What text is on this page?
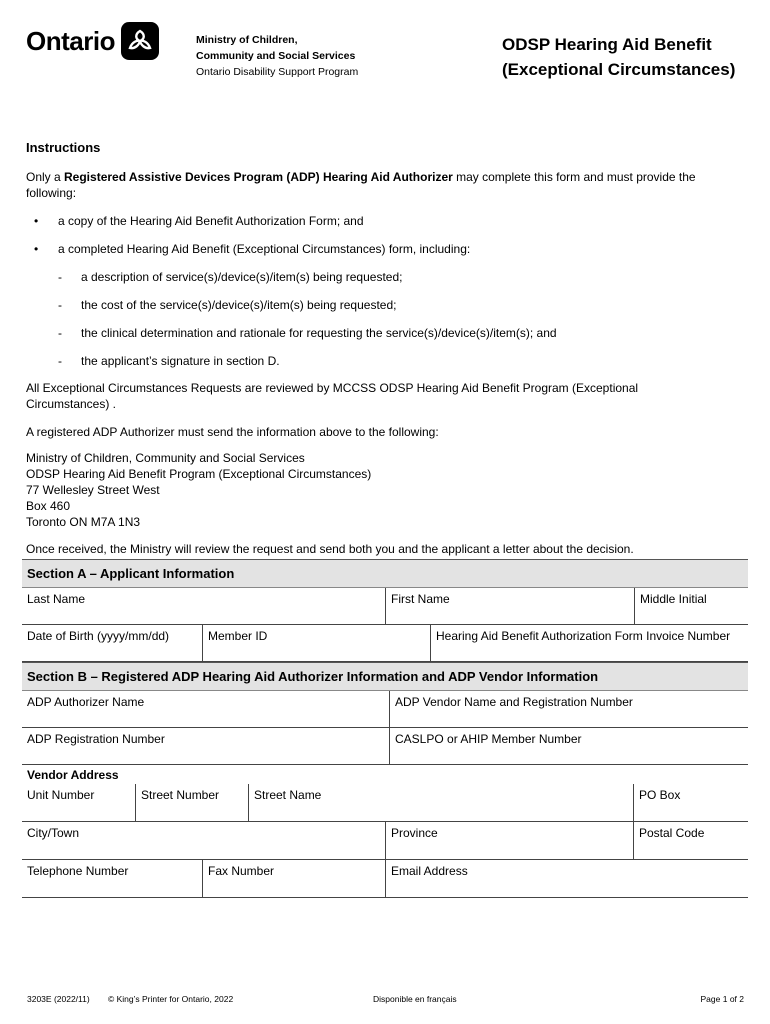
Ontario	Ministry of Children,
Community and Social Services
Ontario Disability Support Program
ODSP Hearing Aid Benefit
(Exceptional Circumstances)
Instructions
Only a Registered Assistive Devices Program (ADP) Hearing Aid Authorizer may complete this form and must provide the following:
• a copy of the Hearing Aid Benefit Authorization Form; and
• a completed Hearing Aid Benefit (Exceptional Circumstances) form, including:
- a description of service(s)/device(s)/item(s) being requested;
- the cost of the service(s)/device(s)/item(s) being requested;
- the clinical determination and rationale for requesting the service(s)/device(s)/item(s); and
- the applicant’s signature in section D.
All Exceptional Circumstances Requests are reviewed by MCCSS ODSP Hearing Aid Benefit Program (Exceptional Circumstances) .
A registered ADP Authorizer must send the information above to the following:
Ministry of Children, Community and Social Services
ODSP Hearing Aid Benefit Program (Exceptional Circumstances)
77 Wellesley Street West
Box 460
Toronto ON M7A 1N3
Once received, the Ministry will review the request and send both you and the applicant a letter about the decision.
Section A – Applicant Information
Last Name	First Name	Middle Initial
Date of Birth (yyyy/mm/dd)	Member ID	Hearing Aid Benefit Authorization Form Invoice Number
Section B – Registered ADP Hearing Aid Authorizer Information and ADP Vendor Information
ADP Authorizer Name	ADP Vendor Name and Registration Number
ADP Registration Number	CASLPO or AHIP Member Number
Vendor Address
Unit Number	Street Number	Street Name	PO Box
City/Town	Province	Postal Code
Telephone Number	Fax Number	Email Address
3203E (2022/11) © King’s Printer for Ontario, 2022	Disponible en français	Page 1 of 2
